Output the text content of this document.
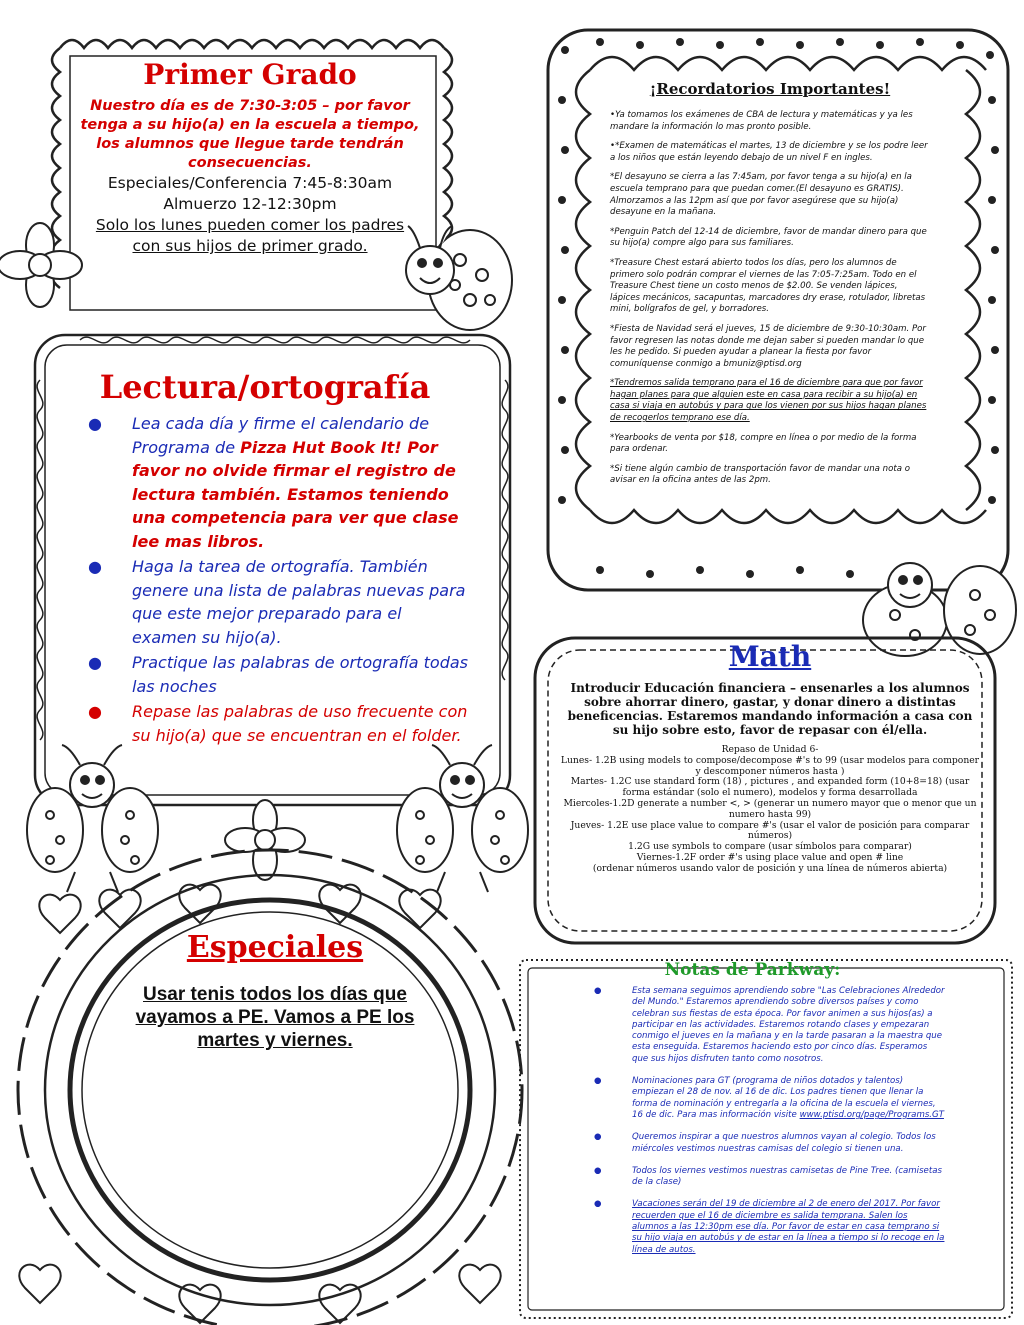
Primer Grado
Nuestro día es de 7:30-3:05 – por favor tenga a su hijo(a) en la escuela a tiempo, los alumnos que llegue tarde tendrán consecuencias.
Especiales/Conferencia 7:45-8:30am
Almuerzo 12-12:30pm
Solo los lunes pueden comer los padres con sus hijos de primer grado.
¡Recordatorios Importantes!

•Ya tomamos los exámenes de CBA de lectura y matemáticas y ya les mandare la información lo mas pronto posible.

•*Examen de matemáticas el martes, 13 de diciembre y se los podre leer a los niños que están leyendo debajo de un nivel F en ingles.

*El desayuno se cierra a las 7:45am, por favor tenga a su hijo(a) en la escuela temprano para que puedan comer.(El desayuno es GRATIS). Almorzamos a las 12pm así que por favor asegúrese que su hijo(a) desayune en la mañana.

*Penguin Patch del 12-14 de diciembre, favor de mandar dinero para que su hijo(a) compre algo para sus familiares.

*Treasure Chest estará abierto todos los días, pero los alumnos de primero solo podrán comprar el viernes de las 7:05-7:25am. Todo en el Treasure Chest tiene un costo menos de $2.00. Se venden lápices, lápices mecánicos, sacapuntas, marcadores dry erase, rotulador, libretas mini, bolígrafos de gel, y borradores.

*Fiesta de Navidad será el jueves, 15 de diciembre de 9:30-10:30am. Por favor regresen las notas donde me dejan saber si pueden mandar lo que les he pedido. Si pueden ayudar a planear la fiesta por favor comuníquense conmigo a bmuniz@ptisd.org

*Tendremos salida temprano para el 16 de diciembre para que por favor hagan planes para que alguien este en casa para recibir a su hijo(a) en casa si viaja en autobús y para que los vienen por sus hijos hagan planes de recogerlos temprano ese día.

*Yearbooks de venta por $18, compre en línea o por medio de la forma para ordenar.

*Si tiene algún cambio de transportación favor de mandar una nota o avisar en la oficina antes de las 2pm.

Lectura/ortografía
● Lea cada día y firme el calendario de Programa de Pizza Hut Book It! Por favor no olvide firmar el registro de lectura también. Estamos teniendo una competencia para ver que clase lee mas libros.
● Haga la tarea de ortografía. También genere una lista de palabras nuevas para que este mejor preparado para el examen su hijo(a).
● Practique las palabras de ortografía todas las noches
● Repase las palabras de uso frecuente con su hijo(a) que se encuentran en el folder.
Math

Introducir Educación financiera – ensenarles a los alumnos sobre ahorrar dinero, gastar, y donar dinero a distintas beneficencias. Estaremos mandando información a casa con su hijo sobre esto, favor de repasar con él/ella.

Repaso de Unidad 6-

Lunes- 1.2B using models to compose/decompose #'s to 99 (usar modelos para componer y descomponer números hasta )

Martes- 1.2C use standard form (18) , pictures , and expanded form (10+8=18) (usar forma estándar (solo el numero), modelos y forma desarrollada

Miercoles-1.2D generate a number <, > (generar un numero mayor que o menor que un numero hasta 99)

Jueves- 1.2E use place value to compare #'s (usar el valor de posición para comparar números)

1.2G use symbols to compare (usar símbolos para comparar)

Viernes-1.2F order #'s using place value and open # line

(ordenar números usando valor de posición y una línea de números abierta)

Especiales

Usar tenis todos los días que vayamos a PE. Vamos a PE los martes y viernes.

Notas de Parkway:
●	Esta semana seguimos aprendiendo sobre "Las Celebraciones Alrededor del Mundo." Estaremos aprendiendo sobre diversos países y como celebran sus fiestas de esta época. Por favor animen a sus hijos(as) a participar en las actividades. Estaremos rotando clases y empezaran conmigo el jueves en la mañana y en la tarde pasaran a la maestra que esta enseguida. Estaremos haciendo esto por cinco días. Esperamos que sus hijos disfruten tanto como nosotros.
●	Nominaciones para GT (programa de niños dotados y talentos) empiezan el 28 de nov. al 16 de dic. Los padres tienen que llenar la forma de nominación y entregarla a la oficina de la escuela el viernes, 16 de dic. Para mas información visite www.ptisd.org/page/Programs.GT
●	Queremos inspirar a que nuestros alumnos vayan al colegio. Todos los miércoles vestimos nuestras camisas del colegio si tienen una.
●	Todos los viernes vestimos nuestras camisetas de Pine Tree. (camisetas de la clase)
●	Vacaciones serán del 19 de diciembre al 2 de enero del 2017. Por favor recuerden que el 16 de diciembre es salida temprana. Salen los alumnos a las 12:30pm ese día. Por favor de estar en casa temprano si su hijo viaja en autobús y de estar en la línea a tiempo si lo recoge en la línea de autos.
